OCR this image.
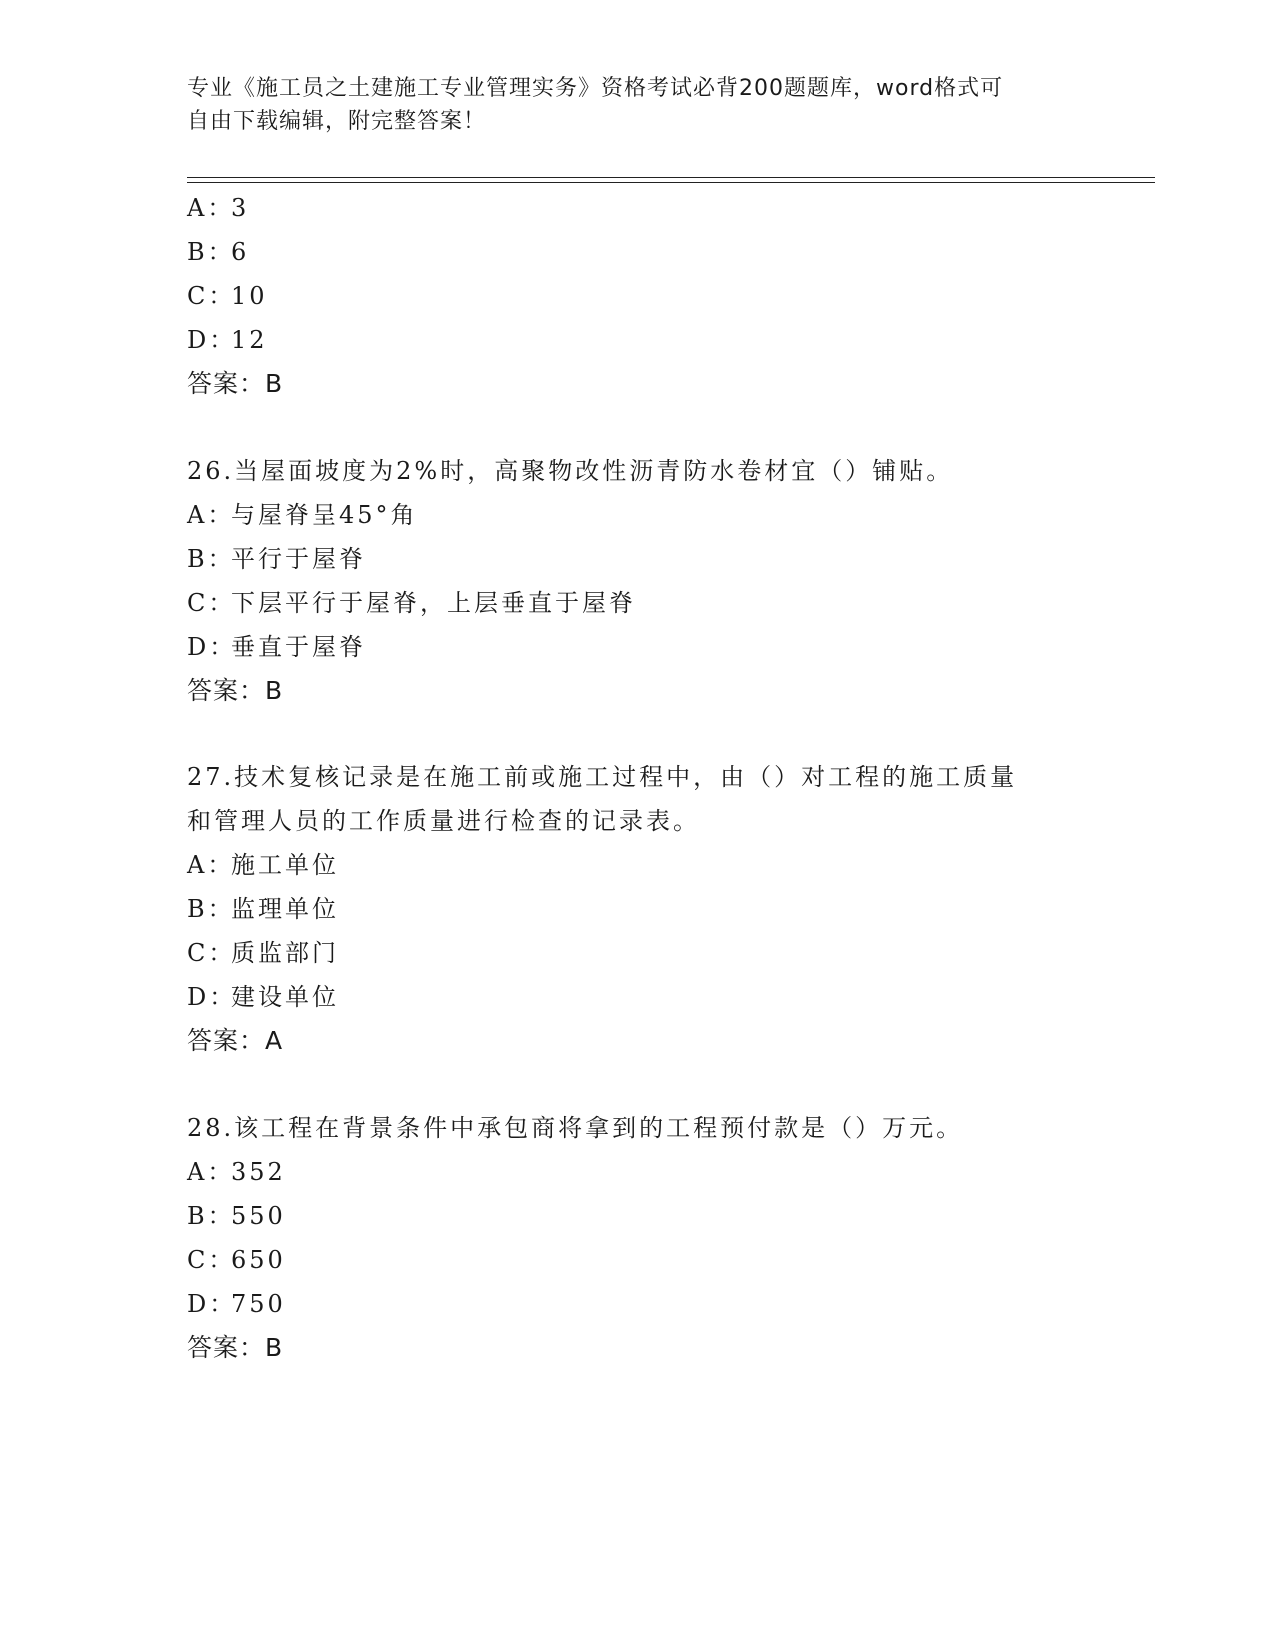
专业《施工员之土建施工专业管理实务》资格考试必背200题题库，word格式可
自由下载编辑，附完整答案！
A：3
B：6
C：10
D：12
答案：B
26.当屋面坡度为2%时，高聚物改性沥青防水卷材宜（）铺贴。
A：与屋脊呈45°角
B：平行于屋脊
C：下层平行于屋脊，上层垂直于屋脊
D：垂直于屋脊
答案：B
27.技术复核记录是在施工前或施工过程中，由（）对工程的施工质量
和管理人员的工作质量进行检查的记录表。
A：施工单位
B：监理单位
C：质监部门
D：建设单位
答案：A
28.该工程在背景条件中承包商将拿到的工程预付款是（）万元。
A：352
B：550
C：650
D：750
答案：B
